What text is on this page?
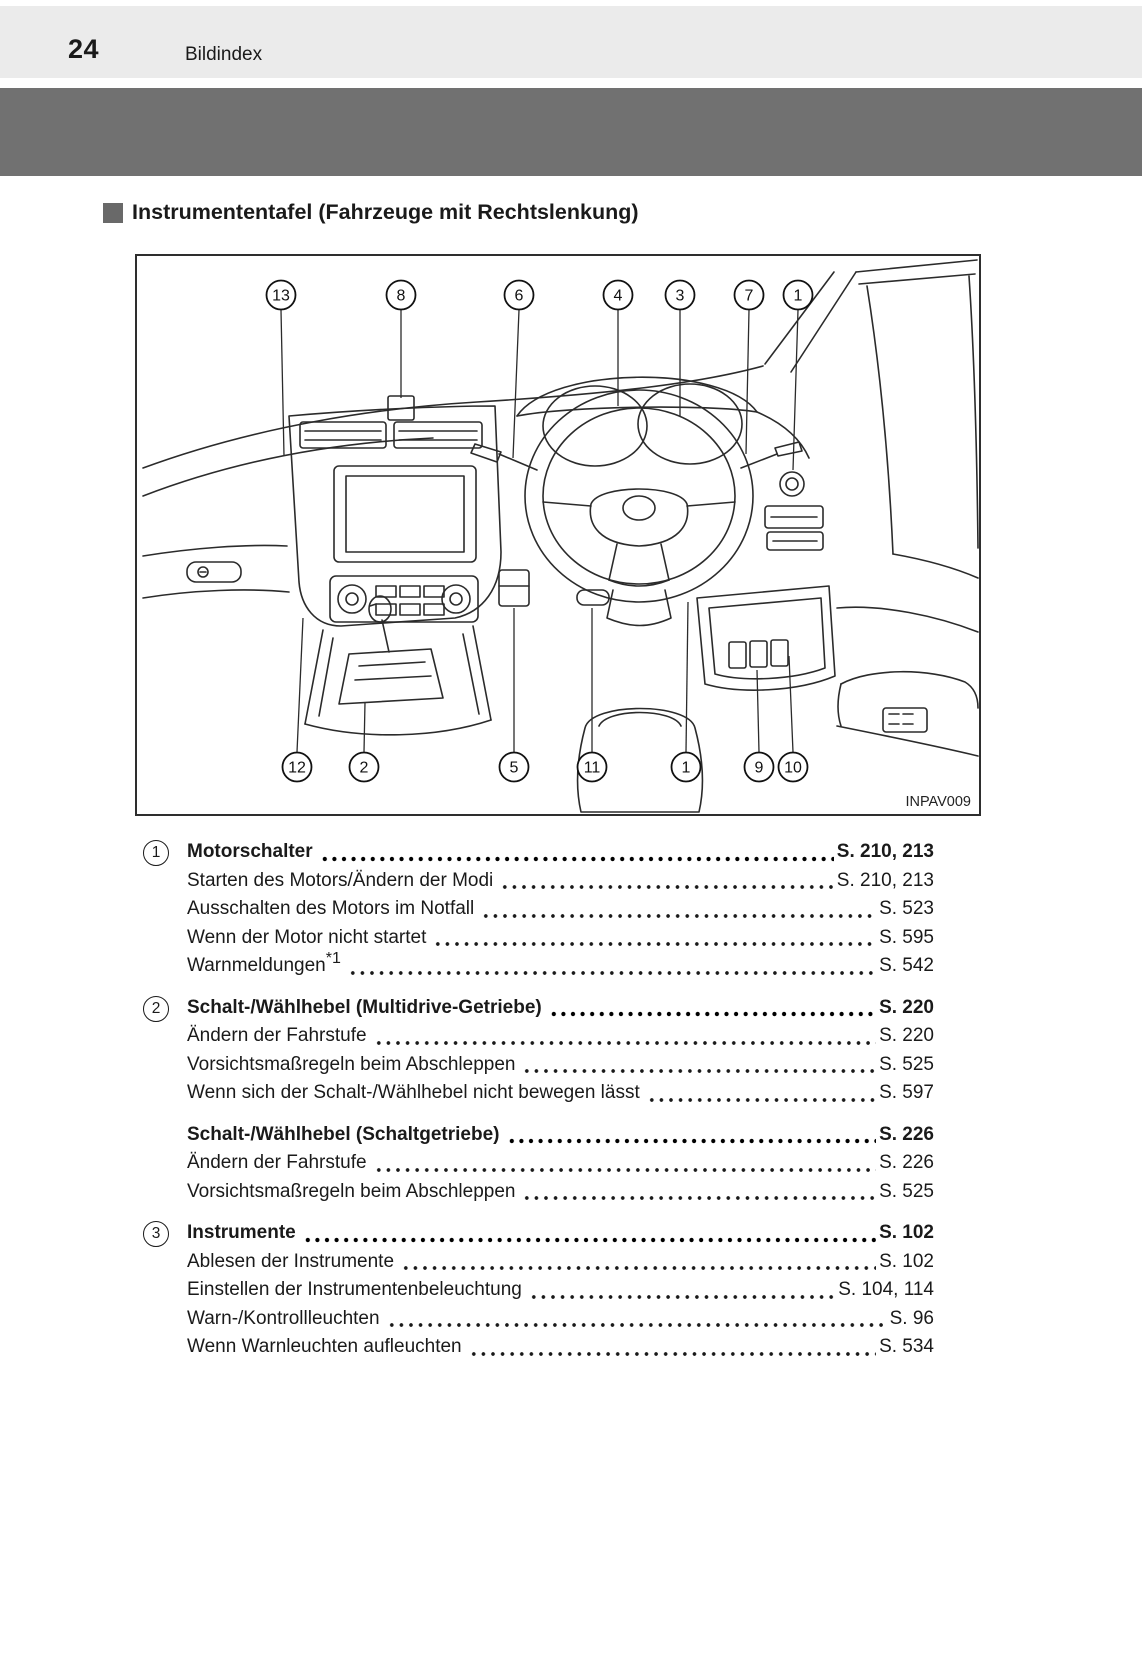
24	Bildindex
Instrumententafel (Fahrzeuge mit Rechtslenkung)
13	8	6	4	3	7	1
12	2	5	11	1	9 10
INPAV009
1	Motorschalter	S. 210, 213
Starten des Motors/Ändern der Modi	S. 210, 213
Ausschalten des Motors im Notfall	S. 523
Wenn der Motor nicht startet	S. 595
Warnmeldungen$^{*1}$	S. 542
2	Schalt-/Wählhebel (Multidrive-Getriebe)	S. 220
Ändern der Fahrstufe	S. 220
Vorsichtsmaßregeln beim Abschleppen	S. 525
Wenn sich der Schalt-/Wählhebel nicht bewegen lässt	S. 597
Schalt-/Wählhebel (Schaltgetriebe)	S. 226
Ändern der Fahrstufe	S. 226
Vorsichtsmaßregeln beim Abschleppen	S. 525
3	Instrumente	S. 102
Ablesen der Instrumente	S. 102
Einstellen der Instrumentenbeleuchtung	S. 104, 114
Warn-/Kontrollleuchten	S. 96
Wenn Warnleuchten aufleuchten	S. 534
